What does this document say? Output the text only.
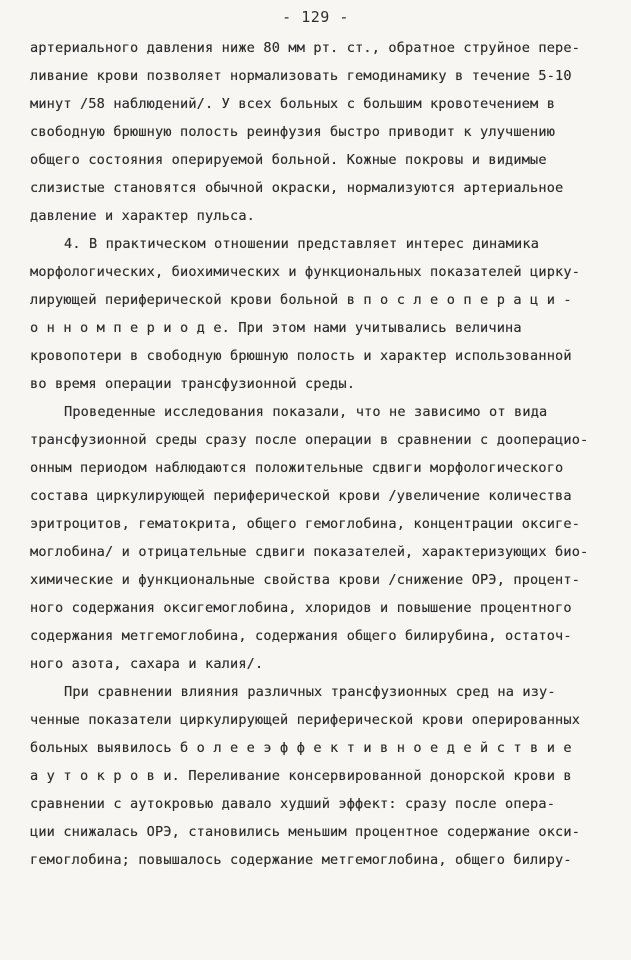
- 129 -
артериального давления ниже 80 мм рт. ст., обратное струйное пере-
ливание крови позволяет нормализовать гемодинамику в течение 5-10
минут /58 наблюдений/. У всех больных с большим кровотечением в
свободную брюшную полость реинфузия быстро приводит к улучшению
общего состояния оперируемой больной. Кожные покровы и видимые
слизистые становятся обычной окраски, нормализуются артериальное
давление и характер пульса.
4. В практическом отношении представляет интерес динамика
морфологических, биохимических и функциональных показателей цирку-
лирующей периферической крови больной в п о с л е о п е р а ц и -
о н н о м п е р и о д е. При этом нами учитывались величина
кровопотери в свободную брюшную полость и характер использованной
во время операции трансфузионной среды.
Проведенные исследования показали, что не зависимо от вида
трансфузионной среды сразу после операции в сравнении с дооперацио-
онным периодом наблюдаются положительные сдвиги морфологического
состава циркулирующей периферической крови /увеличение количества
эритроцитов, гематокрита, общего гемоглобина, концентрации оксиге-
моглобина/ и отрицательные сдвиги показателей, характеризующих био-
химические и функциональные свойства крови /снижение ОРЭ, процент-
ного содержания оксигемоглобина, хлоридов и повышение процентного
содержания метгемоглобина, содержания общего билирубина, остаточ-
ного азота, сахара и калия/.
При сравнении влияния различных трансфузионных сред на изу-
ченные показатели циркулирующей периферической крови оперированных
больных выявилось б о л е е э ф ф е к т и в н о е д е й с т в и е
а у т о к р о в и. Переливание консервированной донорской крови в
сравнении с аутокровью давало худший эффект: сразу после опера-
ции снижалась ОРЭ, становились меньшим процентное содержание окси-
гемоглобина; повышалось содержание метгемоглобина, общего билиру-
